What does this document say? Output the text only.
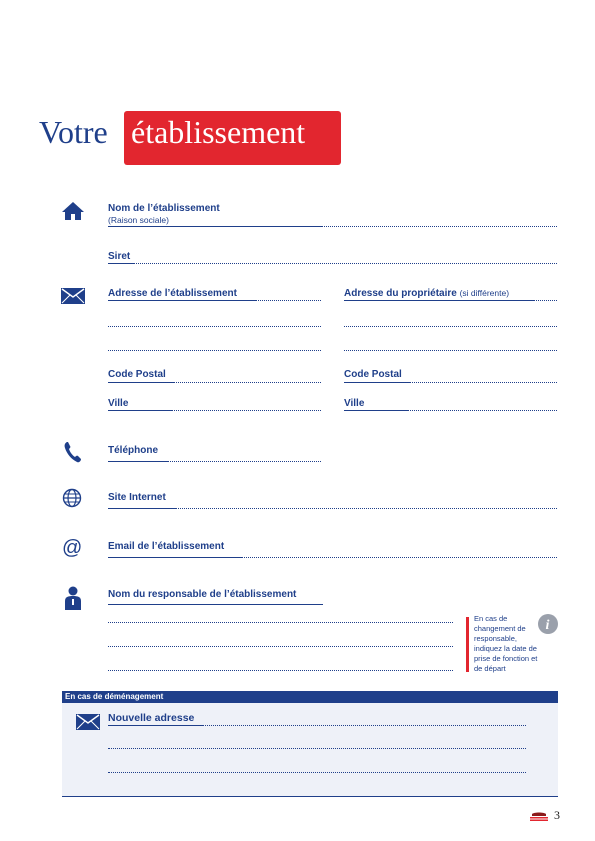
Votre établissement
Nom de l’établissement
(Raison sociale)
Siret
Adresse de l’établissement	Adresse du propriétaire (si différente)
Code Postal	Code Postal
Ville	Ville
Téléphone
Site Internet
@	Email de l’établissement
Nom du responsable de l’établissement
En cas de changement de responsable, indiquez la date de prise de fonction et de départ
i
En cas de déménagement
Nouvelle adresse
3
